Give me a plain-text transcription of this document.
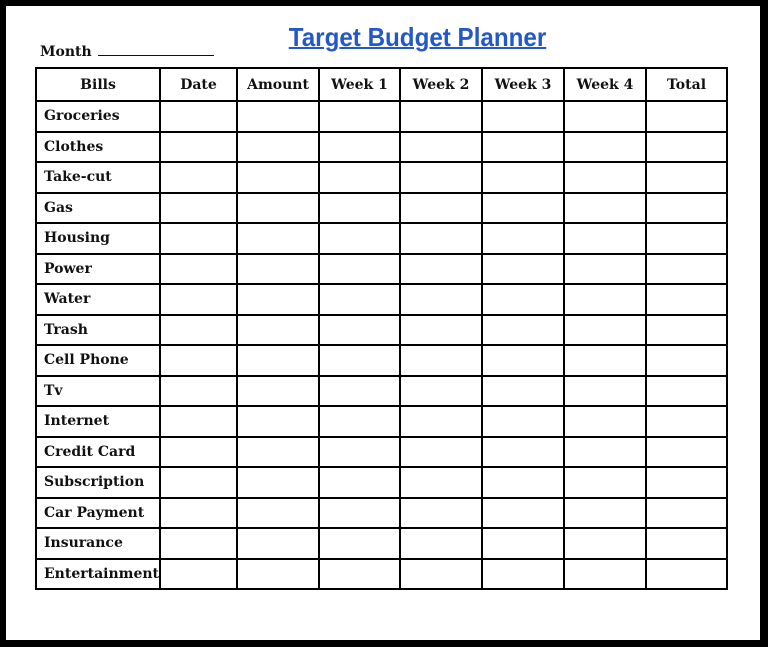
Target Budget Planner
Month
Bills	Date	Amount	Week 1	Week 2	Week 3	Week 4	Total
Groceries							
Clothes							
Take-cut							
Gas							
Housing							
Power							
Water							
Trash							
Cell Phone							
Tv							
Internet							
Credit Card							
Subscription							
Car Payment							
Insurance							
Entertainment							
